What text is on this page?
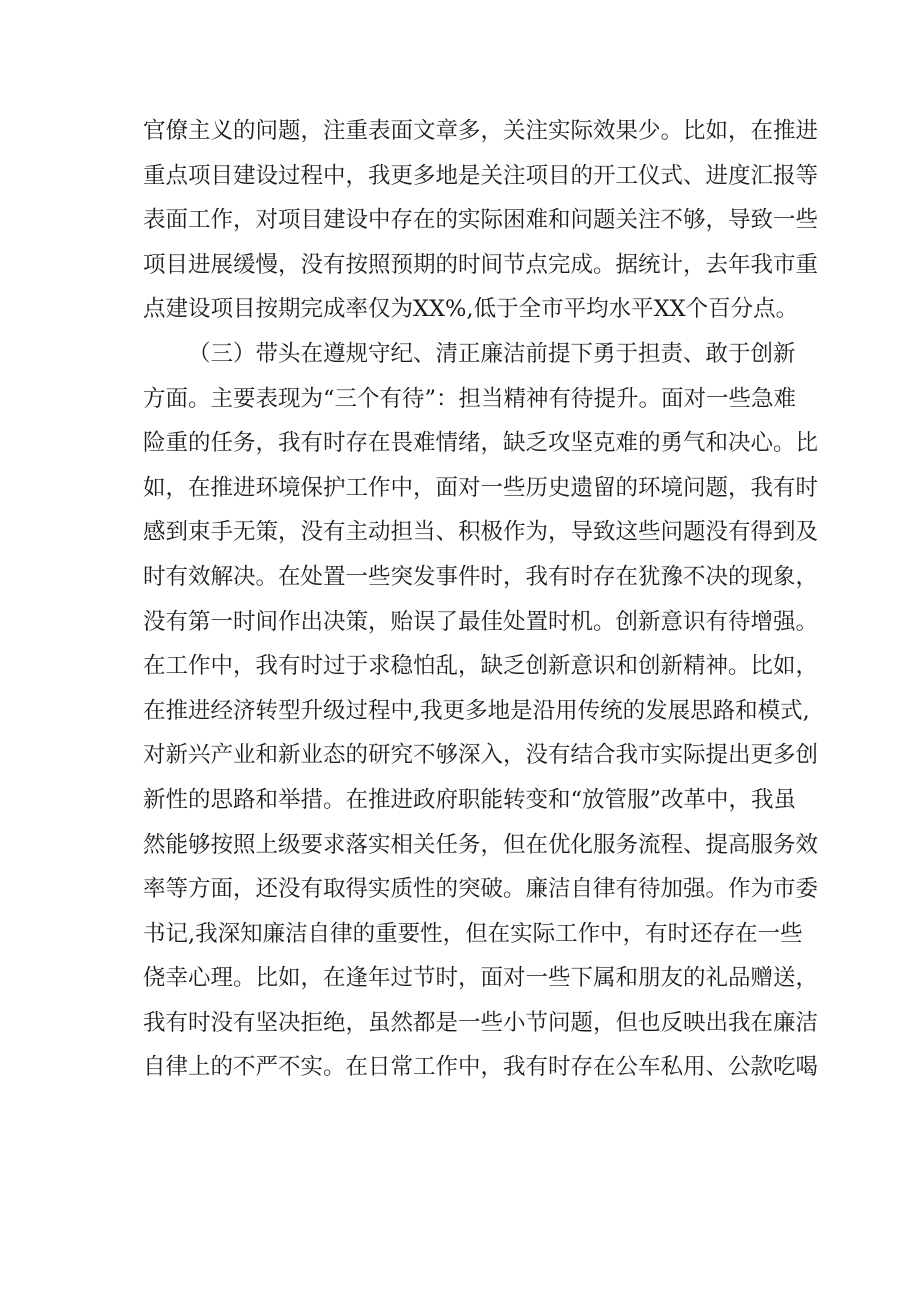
官僚主义的问题，注重表面文章多，关注实际效果少。比如，在推进
重点项目建设过程中，我更多地是关注项目的开工仪式、进度汇报等
表面工作，对项目建设中存在的实际困难和问题关注不够，导致一些
项目进展缓慢，没有按照预期的时间节点完成。据统计，去年我市重
点建设项目按期完成率仅为XX%,低于全市平均水平XX个百分点。
（三）带头在遵规守纪、清正廉洁前提下勇于担责、敢于创新
方面。主要表现为“三个有待”：担当精神有待提升。面对一些急难
险重的任务，我有时存在畏难情绪，缺乏攻坚克难的勇气和决心。比
如，在推进环境保护工作中，面对一些历史遗留的环境问题，我有时
感到束手无策，没有主动担当、积极作为，导致这些问题没有得到及
时有效解决。在处置一些突发事件时，我有时存在犹豫不决的现象，
没有第一时间作出决策，贻误了最佳处置时机。创新意识有待增强。
在工作中，我有时过于求稳怕乱，缺乏创新意识和创新精神。比如，
在推进经济转型升级过程中,我更多地是沿用传统的发展思路和模式,
对新兴产业和新业态的研究不够深入，没有结合我市实际提出更多创
新性的思路和举措。在推进政府职能转变和“放管服”改革中，我虽
然能够按照上级要求落实相关任务，但在优化服务流程、提高服务效
率等方面，还没有取得实质性的突破。廉洁自律有待加强。作为市委
书记,我深知廉洁自律的重要性，但在实际工作中，有时还存在一些
侥幸心理。比如，在逢年过节时，面对一些下属和朋友的礼品赠送，
我有时没有坚决拒绝，虽然都是一些小节问题，但也反映出我在廉洁
自律上的不严不实。在日常工作中，我有时存在公车私用、公款吃喝
